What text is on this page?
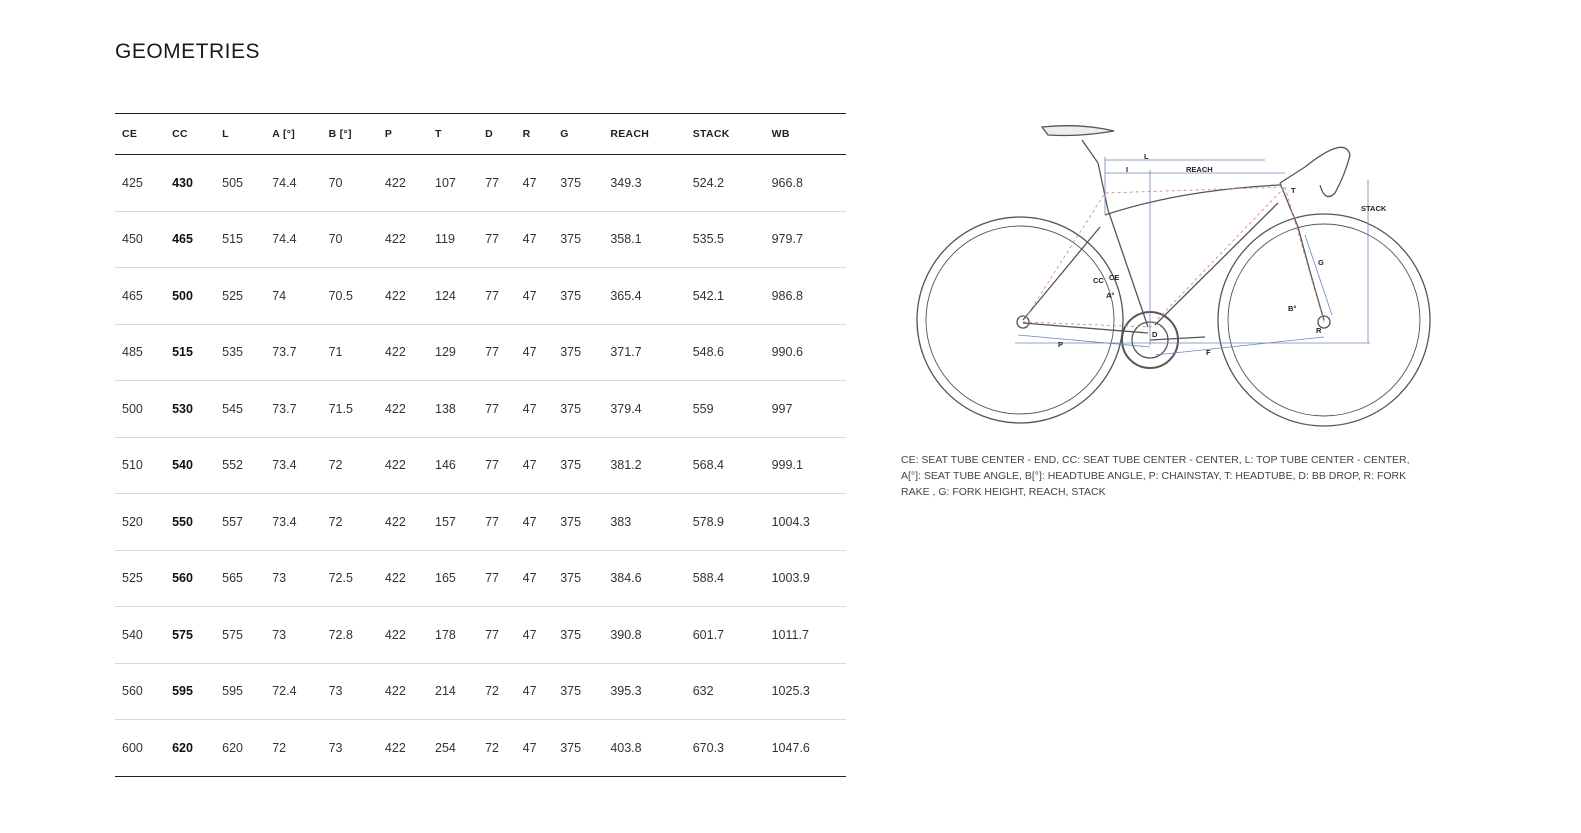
GEOMETRIES
CE	CC	L	A [°]	B [°]	P	T	D	R	G	REACH	STACK	WB
425	430	505	74.4	70	422	107	77	47	375	349.3	524.2	966.8
450	465	515	74.4	70	422	119	77	47	375	358.1	535.5	979.7
465	500	525	74	70.5	422	124	77	47	375	365.4	542.1	986.8
485	515	535	73.7	71	422	129	77	47	375	371.7	548.6	990.6
500	530	545	73.7	71.5	422	138	77	47	375	379.4	559	997
510	540	552	73.4	72	422	146	77	47	375	381.2	568.4	999.1
520	550	557	73.4	72	422	157	77	47	375	383	578.9	1004.3
525	560	565	73	72.5	422	165	77	47	375	384.6	588.4	1003.9
540	575	575	73	72.8	422	178	77	47	375	390.8	601.7	1011.7
560	595	595	72.4	73	422	214	72	47	375	395.3	632	1025.3
600	620	620	72	73	422	254	72	47	375	403.8	670.3	1047.6
L
I	REACH
STACK
T
G
CC CE
A°
B°
D	R
P
F

CE: SEAT TUBE CENTER - END, CC: SEAT TUBE CENTER - CENTER, L: TOP TUBE CENTER - CENTER, A[°]: SEAT TUBE ANGLE, B[°]: HEADTUBE ANGLE, P: CHAINSTAY, T: HEADTUBE, D: BB DROP, R: FORK RAKE , G: FORK HEIGHT, REACH, STACK
